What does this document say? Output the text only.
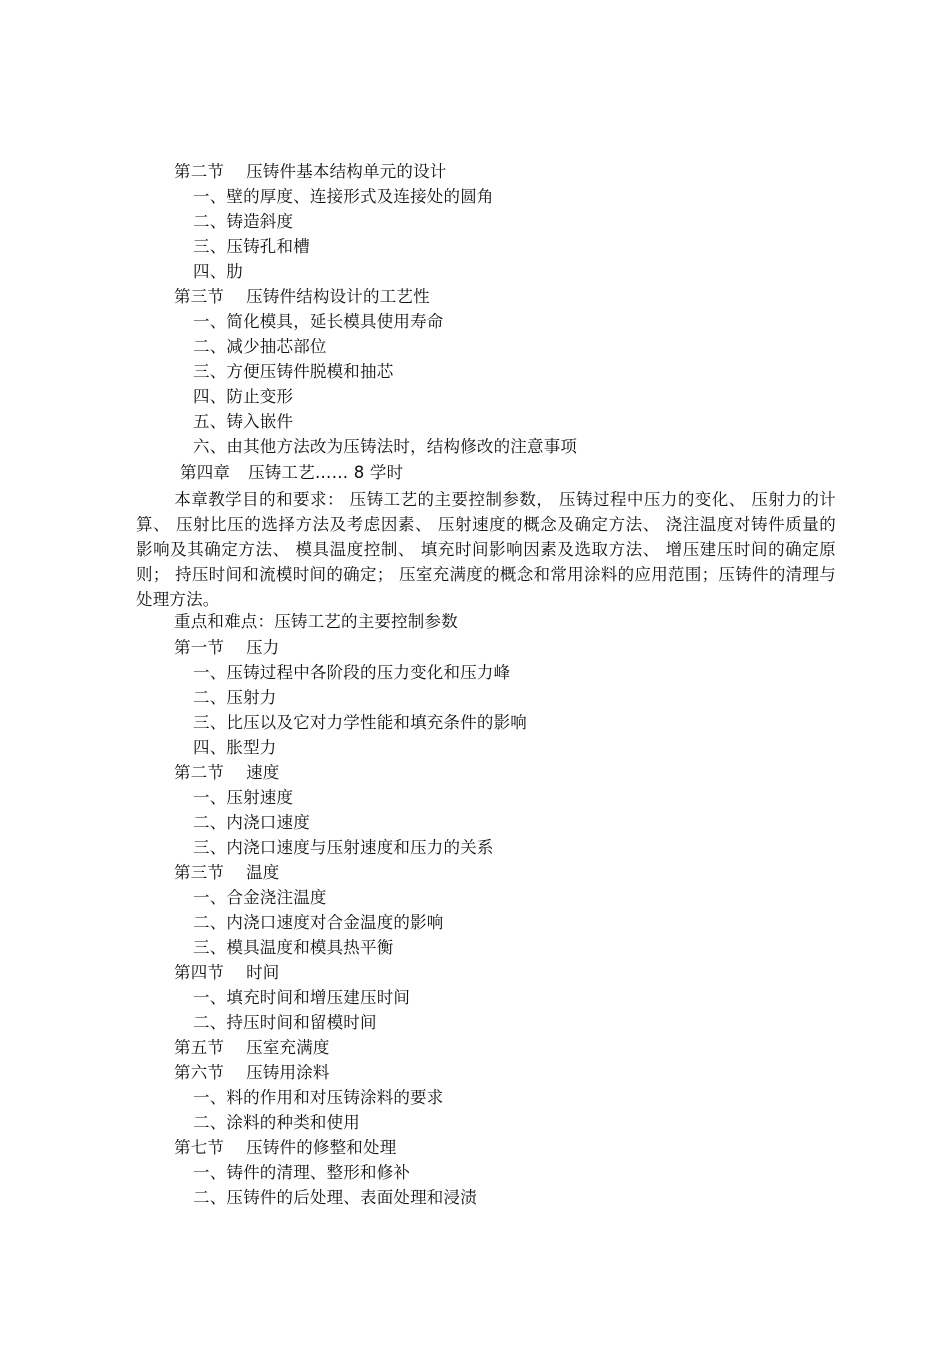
第二节 压铸件基本结构单元的设计
一、壁的厚度、连接形式及连接处的圆角
二、铸造斜度
三、压铸孔和槽
四、肋
第三节 压铸件结构设计的工艺性
一、简化模具，延长模具使用寿命
二、减少抽芯部位
三、方便压铸件脱模和抽芯
四、防止变形
五、铸入嵌件
六、由其他方法改为压铸法时，结构修改的注意事项
第四章 压铸工艺…… 8 学时
本章教学目的和要求： 压铸工艺的主要控制参数， 压铸过程中压力的变化、 压射力的计算、 压射比压的选择方法及考虑因素、 压射速度的概念及确定方法、 浇注温度对铸件质量的影响及其确定方法、 模具温度控制、 填充时间影响因素及选取方法、 增压建压时间的确定原则； 持压时间和流模时间的确定； 压室充满度的概念和常用涂料的应用范围；压铸件的清理与处理方法。
重点和难点：压铸工艺的主要控制参数
第一节 压力
一、压铸过程中各阶段的压力变化和压力峰
二、压射力
三、比压以及它对力学性能和填充条件的影响
四、胀型力
第二节 速度
一、压射速度
二、内浇口速度
三、内浇口速度与压射速度和压力的关系
第三节 温度
一、合金浇注温度
二、内浇口速度对合金温度的影响
三、模具温度和模具热平衡
第四节 时间
一、填充时间和增压建压时间
二、持压时间和留模时间
第五节 压室充满度
第六节 压铸用涂料
一、料的作用和对压铸涂料的要求
二、涂料的种类和使用
第七节 压铸件的修整和处理
一、铸件的清理、整形和修补
二、压铸件的后处理、表面处理和浸渍
